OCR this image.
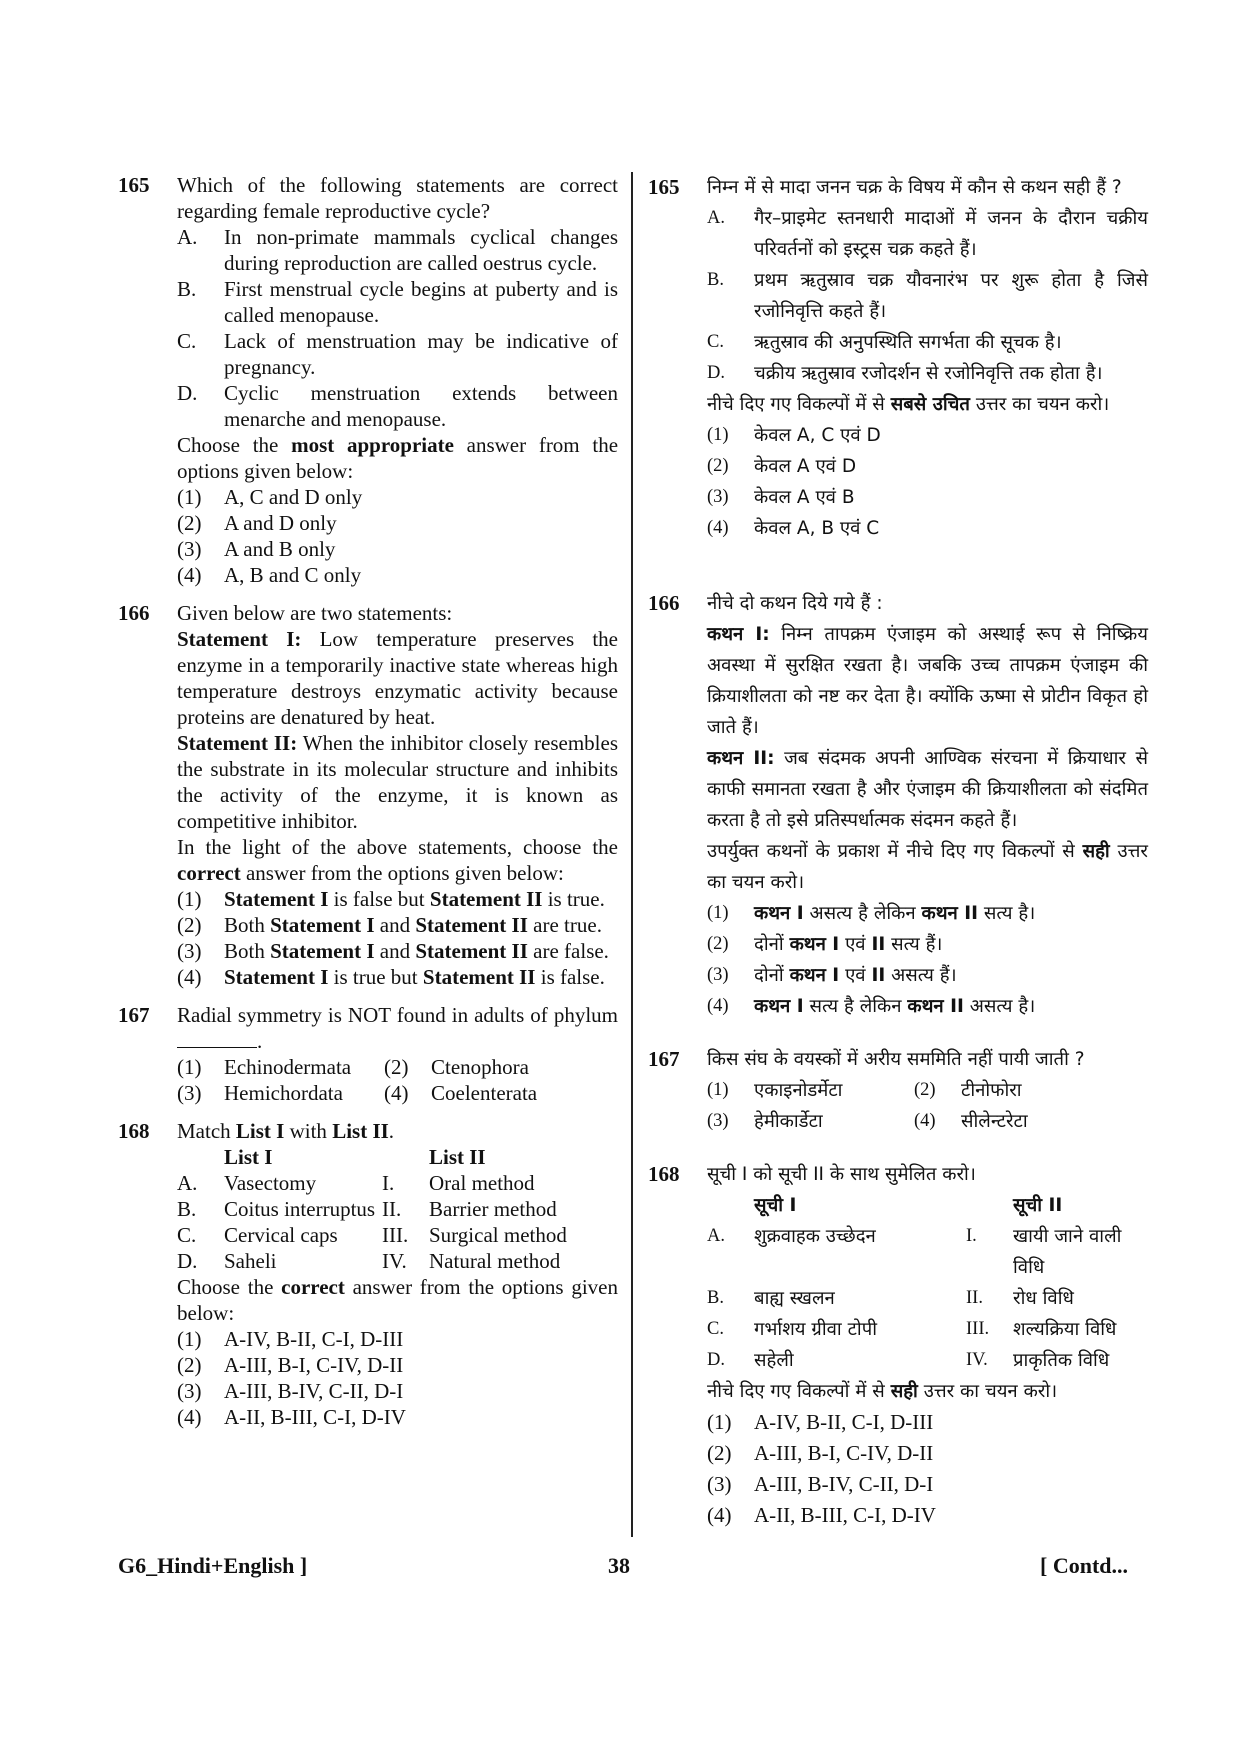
165 Which of the following statements are correct regarding female reproductive cycle?

A. In non-primate mammals cyclical changes during reproduction are called oestrus cycle.
B. First menstrual cycle begins at puberty and is called menopause.
C. Lack of menstruation may be indicative of pregnancy.
D. Cyclic menstruation extends between menarche and menopause.

Choose the most appropriate answer from the options given below:

(1) A, C and D only
(2) A and D only
(3) A and B only
(4) A, B and C only
166 Given below are two statements:

Statement I: Low temperature preserves the enzyme in a temporarily inactive state whereas high temperature destroys enzymatic activity because proteins are denatured by heat.

Statement II: When the inhibitor closely resembles the substrate in its molecular structure and inhibits the activity of the enzyme, it is known as competitive inhibitor.

In the light of the above statements, choose the correct answer from the options given below:

(1) Statement I is false but Statement II is true.
(2) Both Statement I and Statement II are true.
(3) Both Statement I and Statement II are false.
(4) Statement I is true but Statement II is false.
167 Radial symmetry is NOT found in adults of phylum .

(1) Echinodermata	(2) Ctenophora
(3) Hemichordata	(4) Coelenterata
168 Match List I with List II.

List I	List II
A.	Vasectomy	I.	Oral method
B.	Coitus interruptus II.	Barrier method
C.	Cervical caps	III. Surgical method
D.	Saheli	IV.	Natural method

Choose the correct answer from the options given below:

(1) A-IV, B-II, C-I, D-III
(2) A-III, B-I, C-IV, D-II
(3) A-III, B-IV, C-II, D-I
(4) A-II, B-III, C-I, D-IV
165 निम्न में से मादा जनन चक्र के विषय में कौन से कथन सही हैं ?

A. गैर–प्राइमेट स्तनधारी मादाओं में जनन के दौरान चक्रीय परिवर्तनों को इस्ट्रस चक्र कहते हैं।
B. प्रथम ऋतुस्राव चक्र यौवनारंभ पर शुरू होता है जिसे रजोनिवृत्ति कहते हैं।
C. ऋतुस्राव की अनुपस्थिति सगर्भता की सूचक है।
D. चक्रीय ऋतुस्राव रजोदर्शन से रजोनिवृत्ति तक होता है।

नीचे दिए गए विकल्पों में से सबसे उचित उत्तर का चयन करो।

(1) केवल A, C एवं D
(2) केवल A एवं D
(3) केवल A एवं B
(4) केवल A, B एवं C
166 नीचे दो कथन दिये गये हैं :

कथन I: निम्न तापक्रम एंजाइम को अस्थाई रूप से निष्क्रिय अवस्था में सुरक्षित रखता है। जबकि उच्च तापक्रम एंजाइम की क्रियाशीलता को नष्ट कर देता है। क्योंकि ऊष्मा से प्रोटीन विकृत हो जाते हैं।

कथन II: जब संदमक अपनी आण्विक संरचना में क्रियाधार से काफी समानता रखता है और एंजाइम की क्रियाशीलता को संदमित करता है तो इसे प्रतिस्पर्धात्मक संदमन कहते हैं।

उपर्युक्त कथनों के प्रकाश में नीचे दिए गए विकल्पों से सही उत्तर का चयन करो।

(1) कथन I असत्य है लेकिन कथन II सत्य है।
(2) दोनों कथन I एवं II सत्य हैं।
(3) दोनों कथन I एवं II असत्य हैं।
(4) कथन I सत्य है लेकिन कथन II असत्य है।
167 किस संघ के वयस्कों में अरीय सममिति नहीं पायी जाती ?

(1) एकाइनोडर्मेटा	(2) टीनोफोरा
(3) हेमीकार्डेटा	(4) सीलेन्टरेटा
168 सूची I को सूची II के साथ सुमेलित करो।

सूची I	सूची II
A.	शुक्रवाहक उच्छेदन	I.	खायी जाने वाली विधि
B.	बाह्य स्खलन	II.	रोध विधि
C.	गर्भाशय ग्रीवा टोपी	III.	शल्यक्रिया विधि
D.	सहेली	IV.	प्राकृतिक विधि

नीचे दिए गए विकल्पों में से सही उत्तर का चयन करो।

(1) A-IV, B-II, C-I, D-III
(2) A-III, B-I, C-IV, D-II
(3) A-III, B-IV, C-II, D-I
(4) A-II, B-III, C-I, D-IV
G6_Hindi+English ]	38	[ Contd...
